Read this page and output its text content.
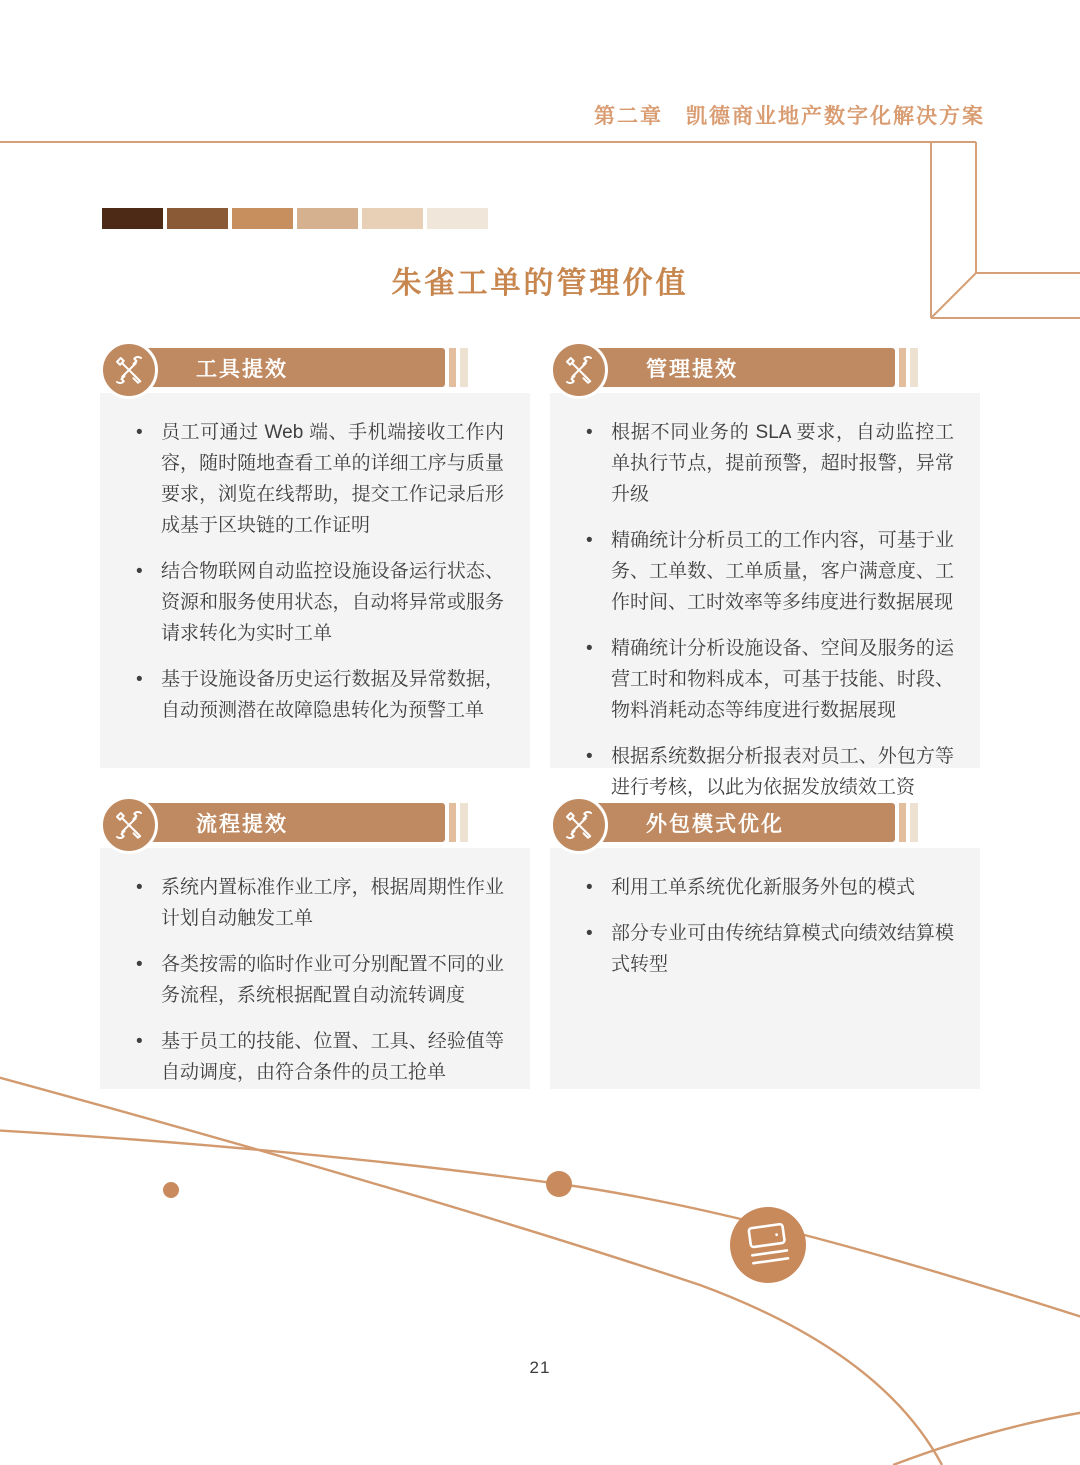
第二章　凯德商业地产数字化解决方案
朱雀工单的管理价值
工具提效
• 员工可通过 Web 端、手机端接收工作内容，随时随地查看工单的详细工序与质量要求，浏览在线帮助，提交工作记录后形成基于区块链的工作证明
• 结合物联网自动监控设施设备运行状态、资源和服务使用状态，自动将异常或服务请求转化为实时工单
• 基于设施设备历史运行数据及异常数据，自动预测潜在故障隐患转化为预警工单
管理提效
• 根据不同业务的 SLA 要求，自动监控工单执行节点，提前预警，超时报警，异常升级
• 精确统计分析员工的工作内容，可基于业务、工单数、工单质量，客户满意度、工作时间、工时效率等多纬度进行数据展现
• 精确统计分析设施设备、空间及服务的运营工时和物料成本，可基于技能、时段、物料消耗动态等纬度进行数据展现
• 根据系统数据分析报表对员工、外包方等进行考核，以此为依据发放绩效工资
流程提效
• 系统内置标准作业工序，根据周期性作业计划自动触发工单
• 各类按需的临时作业可分别配置不同的业务流程，系统根据配置自动流转调度
• 基于员工的技能、位置、工具、经验值等自动调度，由符合条件的员工抢单
外包模式优化
• 利用工单系统优化新服务外包的模式
• 部分专业可由传统结算模式向绩效结算模式转型
21
